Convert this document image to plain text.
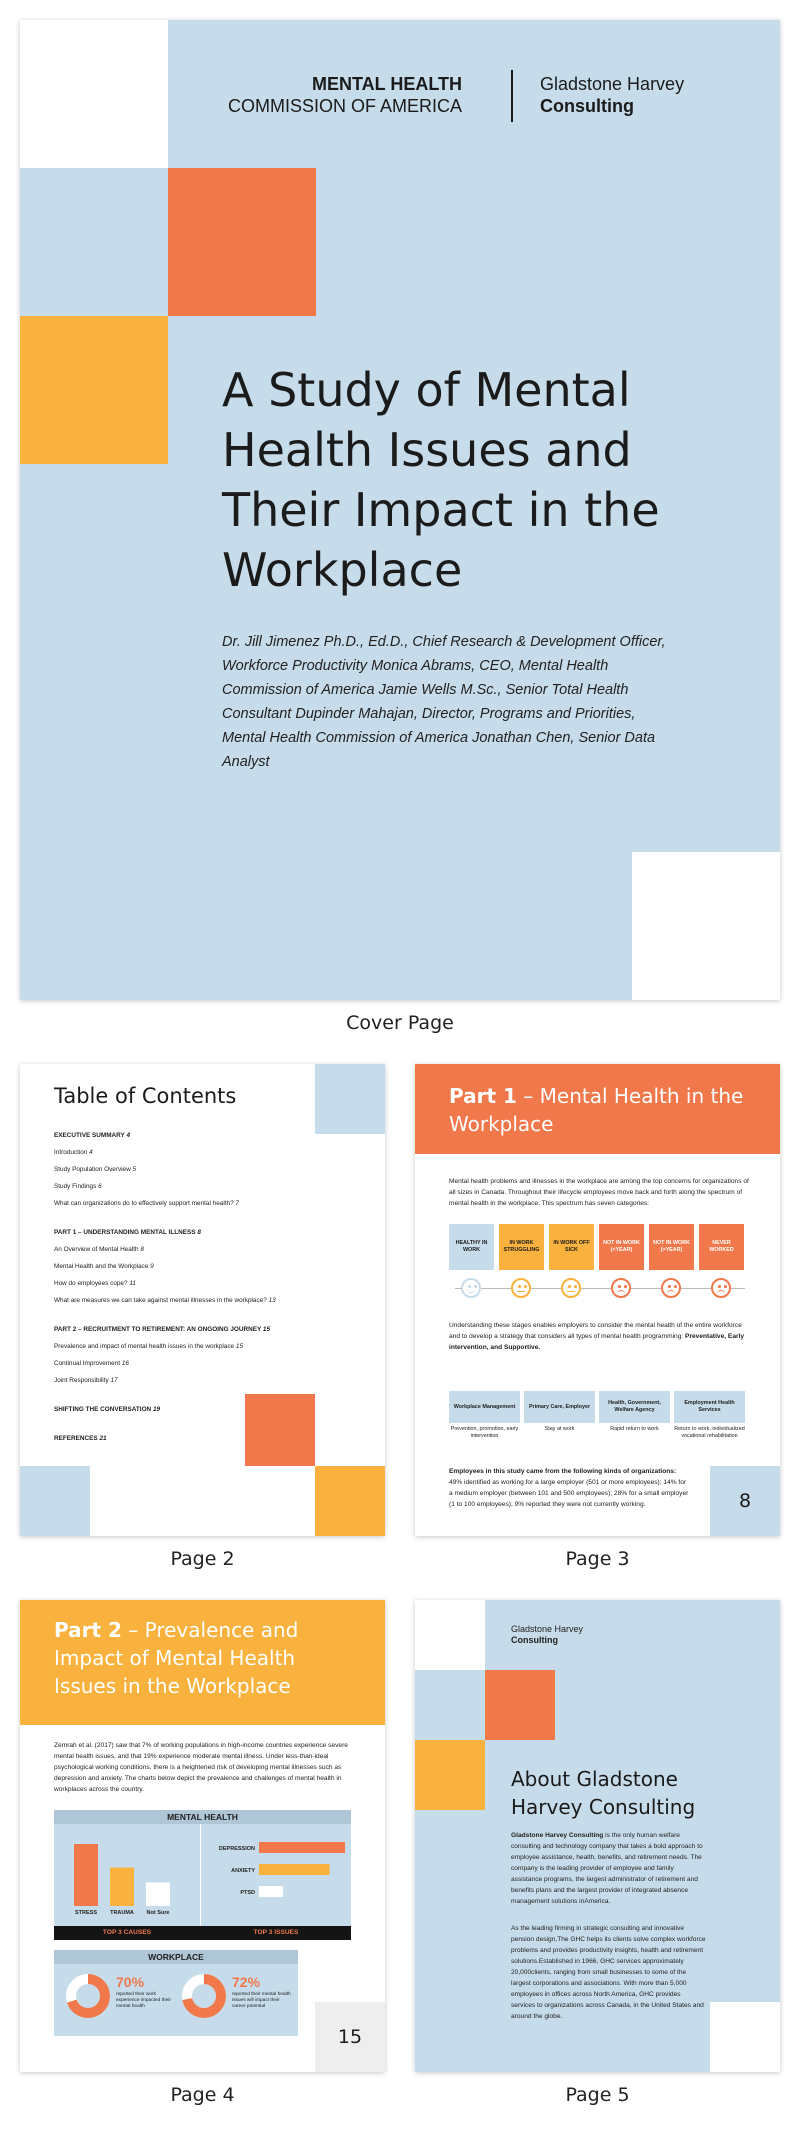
MENTAL HEALTH
COMMISSION OF AMERICA
Gladstone Harvey
Consulting
A Study of Mental Health Issues and Their Impact in the Workplace
Dr. Jill Jimenez Ph.D., Ed.D., Chief Research & Development Officer, Workforce Productivity Monica Abrams, CEO, Mental Health Commission of America Jamie Wells M.Sc., Senior Total Health Consultant Dupinder Mahajan, Director, Programs and Priorities, Mental Health Commission of America Jonathan Chen, Senior Data Analyst
Cover Page
Table of Contents
EXECUTIVE SUMMARY 4
Introduction 4
Study Population Overview 5
Study Findings 6
What can organizations do to effectively support mental health? 7
PART 1 – UNDERSTANDING MENTAL ILLNESS 8
An Overview of Mental Health 8
Mental Health and the Workplace 9
How do employees cope? 11
What are measures we can take against mental illnesses in the workplace? 13
PART 2 – RECRUITMENT TO RETIREMENT: AN ONGOING JOURNEY 15
Prevalence and impact of mental health issues in the workplace 15
Continual Improvement 16
Joint Responsibility 17
SHIFTING THE CONVERSATION 19
REFERENCES 21
Page 2
Part 1 – Mental Health in the Workplace
Mental health problems and illnesses in the workplace are among the top concerns for organizations of all sizes in Canada. Throughout their lifecycle employees move back and forth along the spectrum of mental health in the workplace. This spectrum has seven categories:
HEALTHY IN WORK
IN WORK STRUGGLING
IN WORK OFF SICK
NOT IN WORK (<YEAR)
NOT IN WORK (>YEAR)
NEVER WORKED
Understanding these stages enables employers to consider the mental health of the entire workforce and to develop a strategy that considers all types of mental health programming: Preventative, Early intervention, and Supportive.
Workplace Management
Prevention, promotion, early intervention
Primary Care, Employer
Stay at work
Health, Government, Welfare Agency
Rapid return to work
Employment Health Services
Return to work, individualized vocational rehabilitation
Employees in this study came from the following kinds of organizations:
49% identified as working for a large employer (501 or more employees); 14% for a medium employer (between 101 and 500 employees); 28% for a small employer (1 to 100 employees); 9% reported they were not currently working.	8
Page 3
Part 2 – Prevalence and Impact of Mental Health Issues in the Workplace
Zemrah et al. (2017) saw that 7% of working populations in high-income countries experience severe mental health issues, and that 19% experience moderate mental illness. Under less-than-ideal psychological working conditions, there is a heightened risk of developing mental illnesses such as depression and anxiety. The charts below depict the prevalence and challenges of mental health in workplaces across the country.
MENTAL HEALTH
STRESS TRAUMA Not Sure
DEPRESSION
ANXIETY
PTSD
TOP 3 CAUSES	TOP 3 ISSUES
WORKPLACE
70%
reported their work experience impacted their mental health
72%
reported their mental health issues will impact their career potential
15
Page 4
Gladstone Harvey
Consulting
About Gladstone Harvey Consulting
Gladstone Harvey Consulting is the only human welfare consulting and technology company that takes a bold approach to employee assistance, health, benefits, and retirement needs. The company is the leading provider of employee and family assistance programs, the largest administrator of retirement and benefits plans and the largest provider of integrated absence management solutions inAmerica.
As the leading firming in strategic consulting and innovative pension design,The GHC helps its clients solve complex workforce problems and provides productivity insights, health and retirement solutions.Established in 1966, GHC services approximately 20,000clients, ranging from small businesses to some of the largest corporations and associations. With more than 5,000 employees in offices across North America, GHC provides services to organizations across Canada, in the United States and around the globe.
Page 5
